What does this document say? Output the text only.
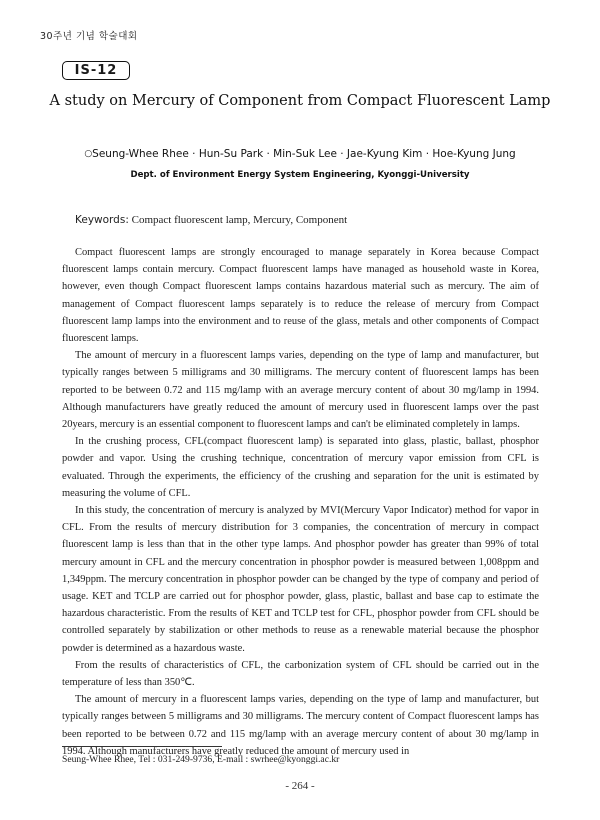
30주년 기념 학술대회
IS-12
A study on Mercury of Component from Compact Fluorescent Lamp
○Seung-Whee Rhee · Hun-Su Park · Min-Suk Lee · Jae-Kyung Kim · Hoe-Kyung Jung
Dept. of Environment Energy System Engineering, Kyonggi-University
Keywords: Compact fluorescent lamp, Mercury, Component

Compact fluorescent lamps are strongly encouraged to manage separately in Korea because Compact fluorescent lamps contain mercury. Compact fluorescent lamps have managed as household waste in Korea, however, even though Compact fluorescent lamps contains hazardous material such as mercury. The aim of management of Compact fluorescent lamps separately is to reduce the release of mercury from Compact fluorescent lamp lamps into the environment and to reuse of the glass, metals and other components of Compact fluorescent lamps.

The amount of mercury in a fluorescent lamps varies, depending on the type of lamp and manufacturer, but typically ranges between 5 milligrams and 30 milligrams. The mercury content of fluorescent lamps has been reported to be between 0.72 and 115 mg/lamp with an average mercury content of about 30 mg/lamp in 1994. Although manufacturers have greatly reduced the amount of mercury used in fluorescent lamps over the past 20years, mercury is an essential component to fluorescent lamps and can't be eliminated completely in lamps.

In the crushing process, CFL(compact fluorescent lamp) is separated into glass, plastic, ballast, phosphor powder and vapor. Using the crushing technique, concentration of mercury vapor emission from CFL is evaluated. Through the experiments, the efficiency of the crushing and separation for the unit is estimated by measuring the volume of CFL.

In this study, the concentration of mercury is analyzed by MVI(Mercury Vapor Indicator) method for vapor in CFL. From the results of mercury distribution for 3 companies, the concentration of mercury in compact fluorescent lamp is less than that in the other type lamps. And phosphor powder has greater than 99% of total mercury amount in CFL and the mercury concentration in phosphor powder is measured between 1,008ppm and 1,349ppm. The mercury concentration in phosphor powder can be changed by the type of company and period of usage. KET and TCLP are carried out for phosphor powder, glass, plastic, ballast and base cap to estimate the hazardous characteristic. From the results of KET and TCLP test for CFL, phosphor powder from CFL should be controlled separately by stabilization or other methods to reuse as a renewable material because the phosphor powder is determined as a hazardous waste.

From the results of characteristics of CFL, the carbonization system of CFL should be carried out in the temperature of less than 350℃.

The amount of mercury in a fluorescent lamps varies, depending on the type of lamp and manufacturer, but typically ranges between 5 milligrams and 30 milligrams. The mercury content of Compact fluorescent lamps has been reported to be between 0.72 and 115 mg/lamp with an average mercury content of about 30 mg/lamp in 1994. Although manufacturers have greatly reduced the amount of mercury used in

Seung-Whee Rhee, Tel : 031-249-9736, E-mail : swrhee@kyonggi.ac.kr
- 264 -
